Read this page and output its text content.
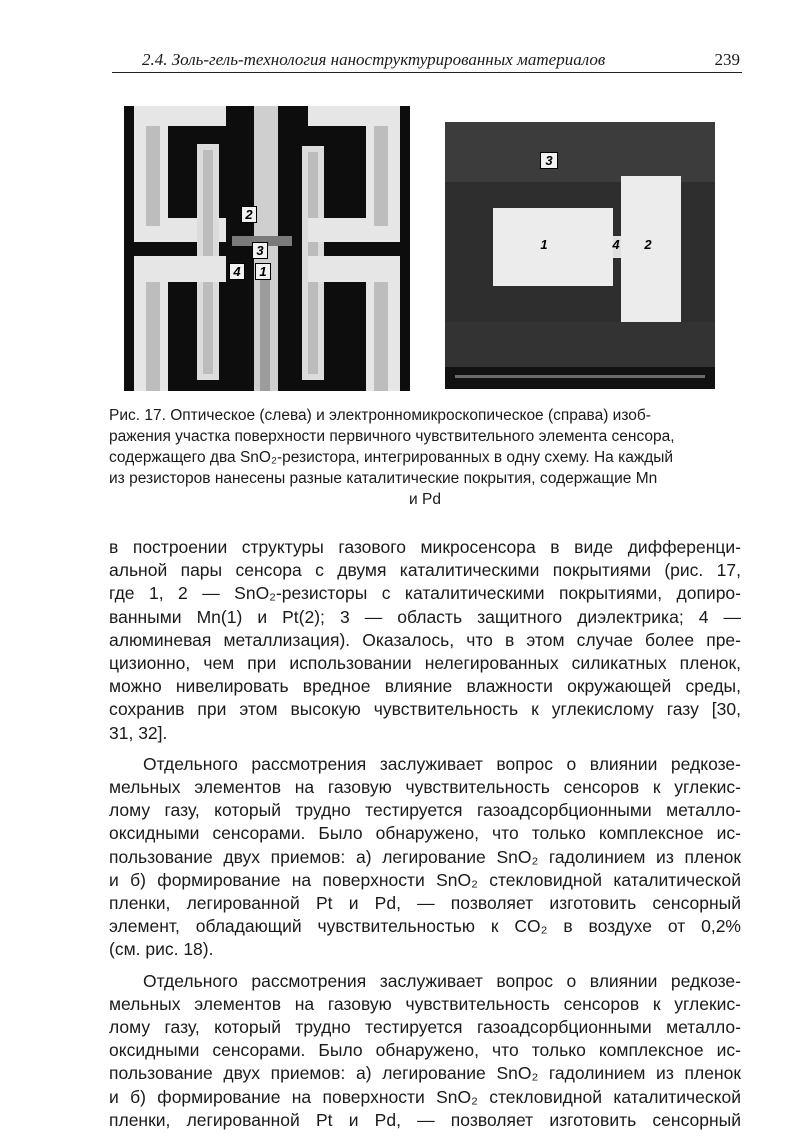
2.4. Золь-гель-технология наноструктурированных материалов	239
2
3
4	1
3
1	4 2
Рис. 17. Оптическое (слева) и электронномикроскопическое (справа) изоб-
ражения участка поверхности первичного чувствительного элемента сенсора,
содержащего два SnO₂-резистора, интегрированных в одну схему. На каждый
из резисторов нанесены разные каталитические покрытия, содержащие Mn
и Pd
в построении структуры газового микросенсора в виде дифференци-
альной пары сенсора с двумя каталитическими покрытиями (рис. 17,
где 1, 2 — SnO₂-резисторы с каталитическими покрытиями, допиро-
ванными Mn(1) и Pt(2); 3 — область защитного диэлектрика; 4 —
алюминевая металлизация). Оказалось, что в этом случае более пре-
цизионно, чем при использовании нелегированных силикатных пленок,
можно нивелировать вредное влияние влажности окружающей среды,
сохранив при этом высокую чувствительность к углекислому газу [30,
31, 32].
Отдельного рассмотрения заслуживает вопрос о влиянии редкозе-
мельных элементов на газовую чувствительность сенсоров к углекис-
лому газу, который трудно тестируется газоадсорбционными металло-
оксидными сенсорами. Было обнаружено, что только комплексное ис-
пользование двух приемов: а) легирование SnO₂ гадолинием из пленок
и б) формирование на поверхности SnO₂ стекловидной каталитической
пленки, легированной Pt и Pd, — позволяет изготовить сенсорный
элемент, обладающий чувствительностью к CO₂ в воздухе от 0,2%
(см. рис. 18).
Отдельного рассмотрения заслуживает вопрос о влиянии редкозе-
мельных элементов на газовую чувствительность сенсоров к углекис-
лому газу, который трудно тестируется газоадсорбционными металло-
оксидными сенсорами. Было обнаружено, что только комплексное ис-
пользование двух приемов: а) легирование SnO₂ гадолинием из пленок
и б) формирование на поверхности SnO₂ стекловидной каталитической
пленки, легированной Pt и Pd, — позволяет изготовить сенсорный
